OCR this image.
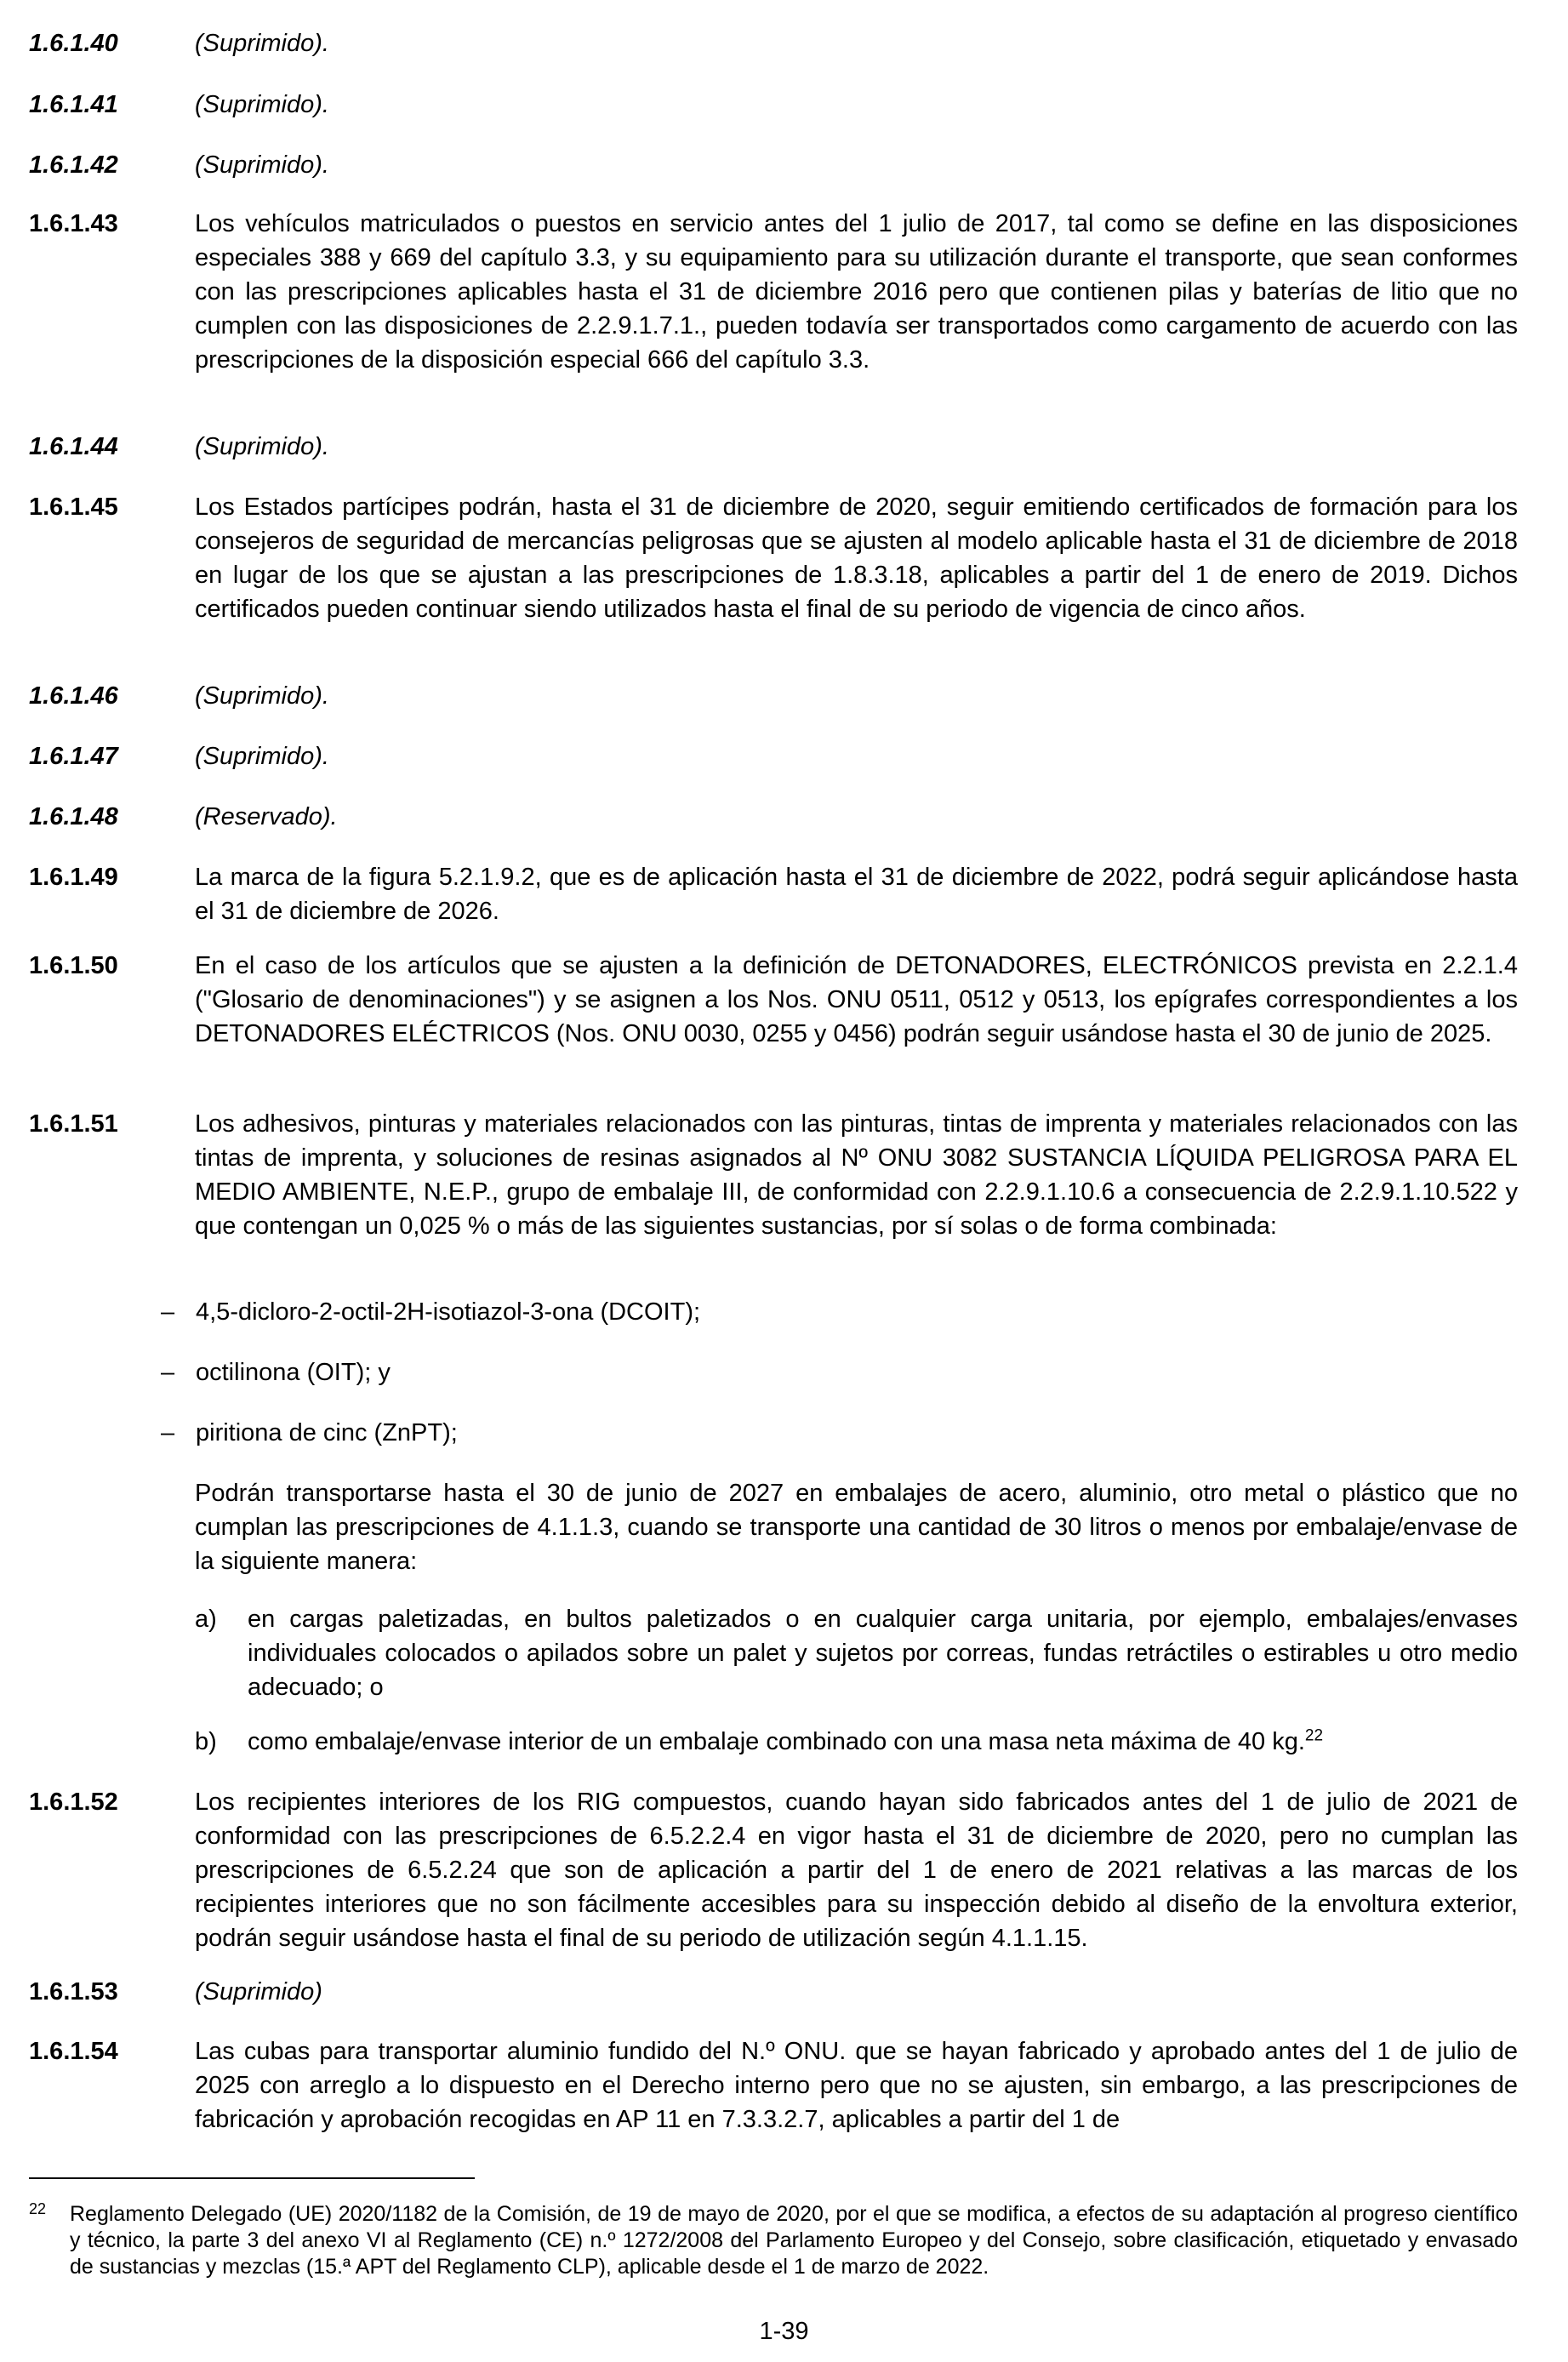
1.6.1.40	(Suprimido).
1.6.1.41	(Suprimido).
1.6.1.42	(Suprimido).
1.6.1.43	Los vehículos matriculados o puestos en servicio antes del 1 julio de 2017, tal como se define en las disposiciones especiales 388 y 669 del capítulo 3.3, y su equipamiento para su utilización durante el transporte, que sean conformes con las prescripciones aplicables hasta el 31 de diciembre 2016 pero que contienen pilas y baterías de litio que no cumplen con las disposiciones de 2.2.9.1.7.1., pueden todavía ser transportados como cargamento de acuerdo con las prescripciones de la disposición especial 666 del capítulo 3.3.
1.6.1.44	(Suprimido).
1.6.1.45	Los Estados partícipes podrán, hasta el 31 de diciembre de 2020, seguir emitiendo certificados de formación para los consejeros de seguridad de mercancías peligrosas que se ajusten al modelo aplicable hasta el 31 de diciembre de 2018 en lugar de los que se ajustan a las prescripciones de 1.8.3.18, aplicables a partir del 1 de enero de 2019. Dichos certificados pueden continuar siendo utilizados hasta el final de su periodo de vigencia de cinco años.
1.6.1.46	(Suprimido).
1.6.1.47	(Suprimido).
1.6.1.48	(Reservado).
1.6.1.49	La marca de la figura 5.2.1.9.2, que es de aplicación hasta el 31 de diciembre de 2022, podrá seguir aplicándose hasta el 31 de diciembre de 2026.
1.6.1.50	En el caso de los artículos que se ajusten a la definición de DETONADORES, ELECTRÓNICOS prevista en 2.2.1.4 ("Glosario de denominaciones") y se asignen a los Nos. ONU 0511, 0512 y 0513, los epígrafes correspondientes a los DETONADORES ELÉCTRICOS (Nos. ONU 0030, 0255 y 0456) podrán seguir usándose hasta el 30 de junio de 2025.
1.6.1.51	Los adhesivos, pinturas y materiales relacionados con las pinturas, tintas de imprenta y materiales relacionados con las tintas de imprenta, y soluciones de resinas asignados al Nº ONU 3082 SUSTANCIA LÍQUIDA PELIGROSA PARA EL MEDIO AMBIENTE, N.E.P., grupo de embalaje III, de conformidad con 2.2.9.1.10.6 a consecuencia de 2.2.9.1.10.522 y que contengan un 0,025 % o más de las siguientes sustancias, por sí solas o de forma combinada:
– 4,5-dicloro-2-octil-2H-isotiazol-3-ona (DCOIT);
– octilinona (OIT); y
– piritiona de cinc (ZnPT);
Podrán transportarse hasta el 30 de junio de 2027 en embalajes de acero, aluminio, otro metal o plástico que no cumplan las prescripciones de 4.1.1.3, cuando se transporte una cantidad de 30 litros o menos por embalaje/envase de la siguiente manera:
a) en cargas paletizadas, en bultos paletizados o en cualquier carga unitaria, por ejemplo, embalajes/envases individuales colocados o apilados sobre un palet y sujetos por correas, fundas retráctiles o estirables u otro medio adecuado; o
b) como embalaje/envase interior de un embalaje combinado con una masa neta máxima de 40 kg.$^{22}$
1.6.1.52	Los recipientes interiores de los RIG compuestos, cuando hayan sido fabricados antes del 1 de julio de 2021 de conformidad con las prescripciones de 6.5.2.2.4 en vigor hasta el 31 de diciembre de 2020, pero no cumplan las prescripciones de 6.5.2.24 que son de aplicación a partir del 1 de enero de 2021 relativas a las marcas de los recipientes interiores que no son fácilmente accesibles para su inspección debido al diseño de la envoltura exterior, podrán seguir usándose hasta el final de su periodo de utilización según 4.1.1.15.
1.6.1.53	(Suprimido)
1.6.1.54	Las cubas para transportar aluminio fundido del N.º ONU. que se hayan fabricado y aprobado antes del 1 de julio de 2025 con arreglo a lo dispuesto en el Derecho interno pero que no se ajusten, sin embargo, a las prescripciones de fabricación y aprobación recogidas en AP 11 en 7.3.3.2.7, aplicables a partir del 1 de
22 Reglamento Delegado (UE) 2020/1182 de la Comisión, de 19 de mayo de 2020, por el que se modifica, a efectos de su adaptación al progreso científico y técnico, la parte 3 del anexo VI al Reglamento (CE) n.º 1272/2008 del Parlamento Europeo y del Consejo, sobre clasificación, etiquetado y envasado de sustancias y mezclas (15.ª APT del Reglamento CLP), aplicable desde el 1 de marzo de 2022.
1-39
